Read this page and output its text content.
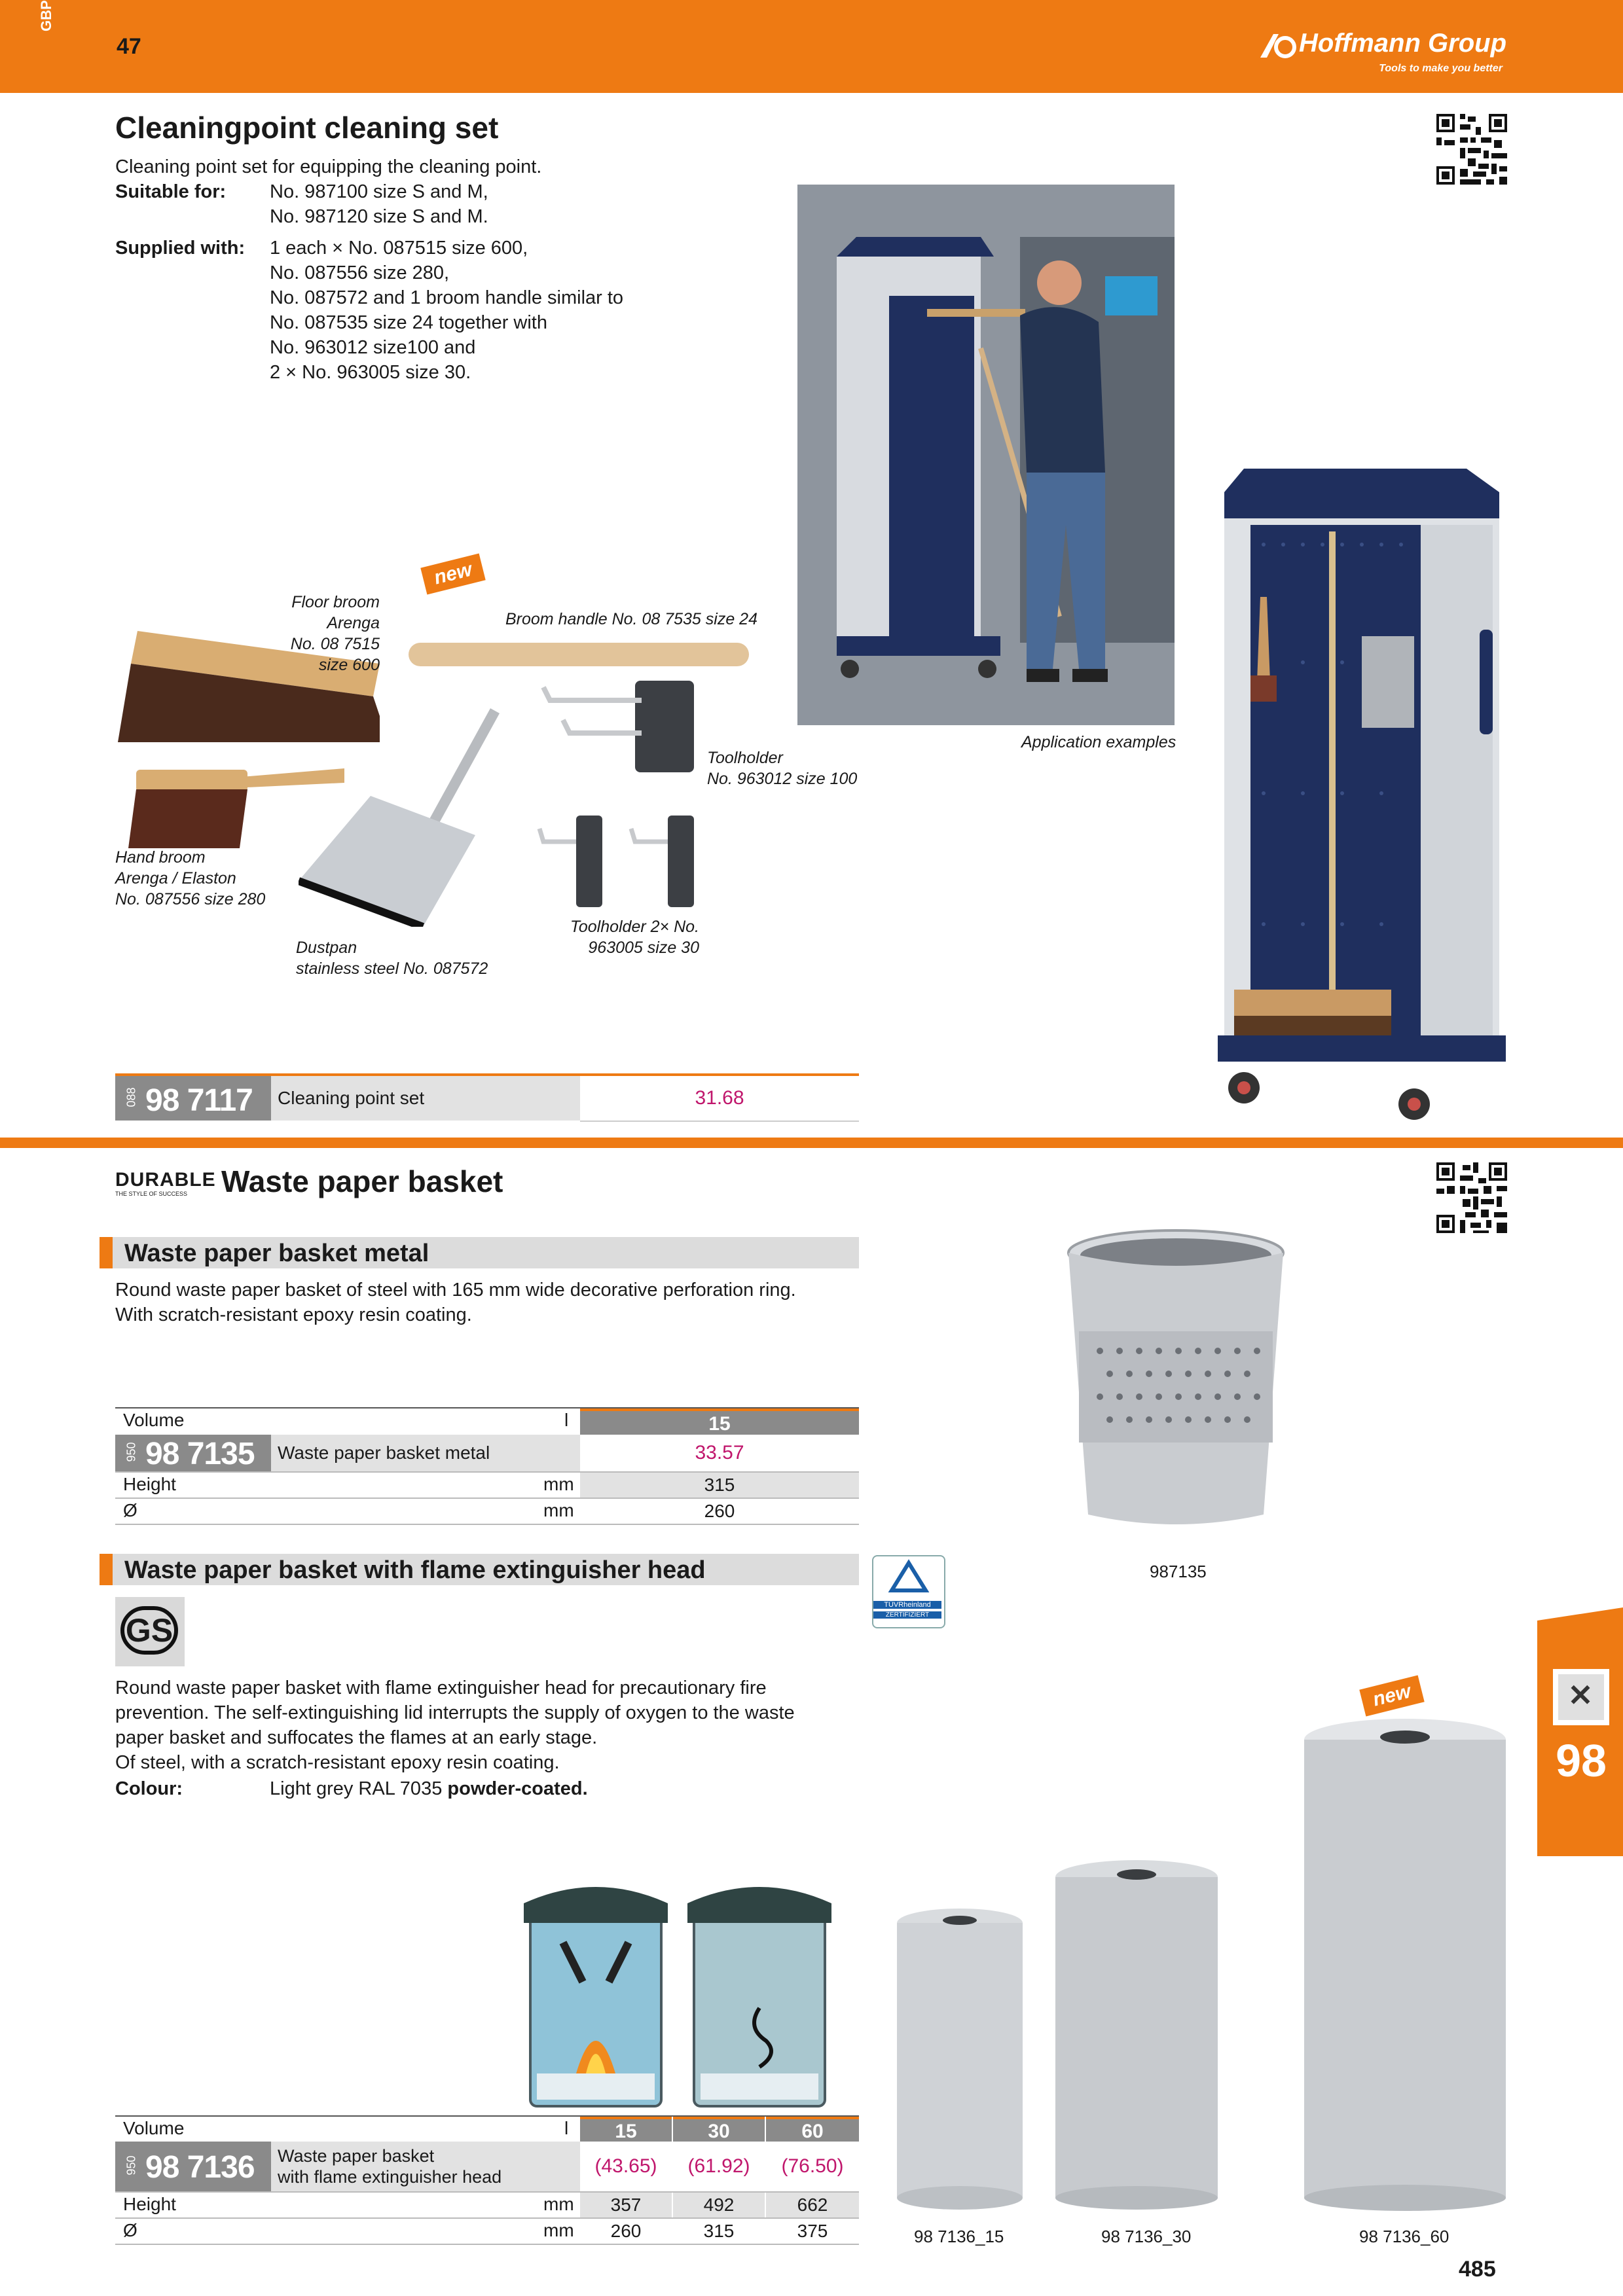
GBP
47	Hoffmann Group
Tools to make you better
Cleaningpoint cleaning set
Cleaning point set for equipping the cleaning point.
Suitable for: No. 987100 size S and M,
No. 987120 size S and M.
Supplied with: 1 each × No. 087515 size 600,
No. 087556 size 280,
No. 087572 and 1 broom handle similar to
No. 087535 size 24 together with
No. 963012 size100 and
2 × No. 963005 size 30.
new
Floor broom Arenga
No. 08 7515
size 600
Broom handle No. 08 7535 size 24
Toolholder
No. 963012 size 100
Hand broom
Arenga / Elaston
No. 087556 size 280
Dustpan
stainless steel No. 087572
Toolholder 2× No.
963005 size 30
Application examples
088 98 7117	Cleaning point set	31.68
DURABLE
THE STYLE OF SUCCESS	Waste paper basket
Waste paper basket metal
Round waste paper basket of steel with 165 mm wide decorative perforation ring.
With scratch-resistant epoxy resin coating.
987135
Volume	l	15
950 98 7135	Waste paper basket metal	33.57
Height	mm	315
Ø	mm	260
Waste paper basket with flame extinguisher head
TÜVRheinland
ZERTIFIZIERT
GS
Round waste paper basket with flame extinguisher head for precautionary fire
prevention. The self-extinguishing lid interrupts the supply of oxygen to the waste
paper basket and suffocates the flames at an early stage.
Of steel, with a scratch-resistant epoxy resin coating.
Colour:	Light grey RAL 7035 powder-coated.
new
Volume	l	15	30	60
950 98 7136 Waste paper basket
with flame extinguisher head	(43.65)	(61.92)	(76.50)
Height	mm	357	492	662
Ø	mm	260	315	375	98 7136_15	98 7136_30	98 7136_60
✕
98
485
